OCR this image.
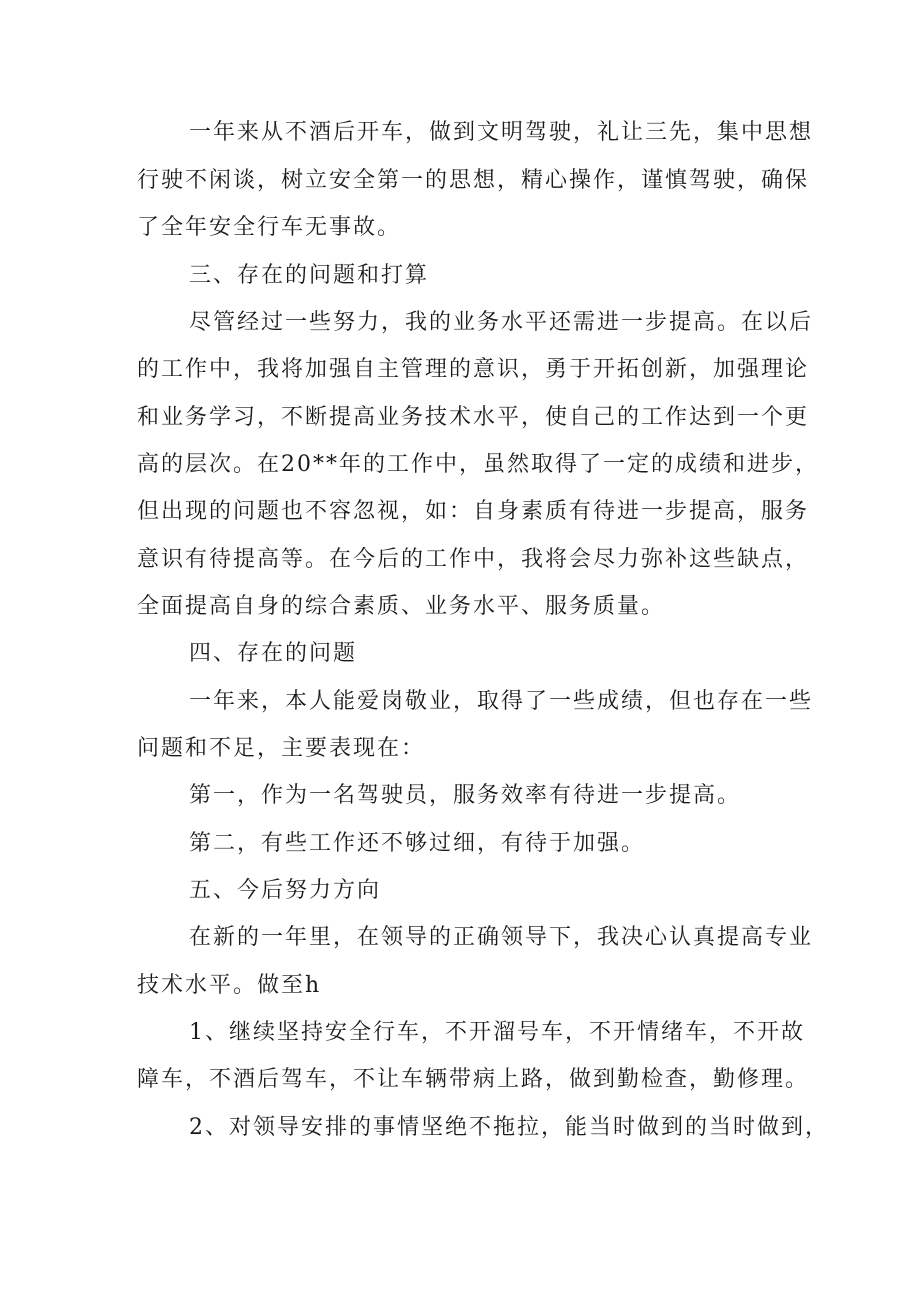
一年来从不酒后开车，做到文明驾驶，礼让三先，集中思想
行驶不闲谈，树立安全第一的思想，精心操作，谨慎驾驶，确保
了全年安全行车无事故。
三、存在的问题和打算
尽管经过一些努力，我的业务水平还需进一步提高。在以后
的工作中，我将加强自主管理的意识，勇于开拓创新，加强理论
和业务学习，不断提高业务技术水平，使自己的工作达到一个更
高的层次。在20**年的工作中，虽然取得了一定的成绩和进步，
但出现的问题也不容忽视，如：自身素质有待进一步提高，服务
意识有待提高等。在今后的工作中，我将会尽力弥补这些缺点，
全面提高自身的综合素质、业务水平、服务质量。
四、存在的问题
一年来，本人能爱岗敬业，取得了一些成绩，但也存在一些
问题和不足，主要表现在：
第一，作为一名驾驶员，服务效率有待进一步提高。
第二，有些工作还不够过细，有待于加强。
五、今后努力方向
在新的一年里，在领导的正确领导下，我决心认真提高专业
技术水平。做至h
1、继续坚持安全行车，不开溜号车，不开情绪车，不开故
障车，不酒后驾车，不让车辆带病上路，做到勤检查，勤修理。
2、对领导安排的事情坚绝不拖拉，能当时做到的当时做到，
